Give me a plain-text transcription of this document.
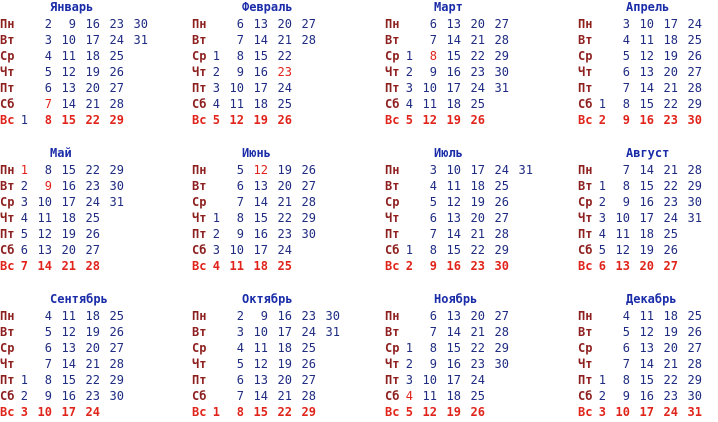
Январь
Пн	2	9 16 23 30
Вт	3 10 17 24 31
Ср	4 11 18 25
Чт	5 12 19 26
Пт	6 13 20 27
Сб	7 14 21 28
Вс 1	8 15 22 29
Февраль
Пн	6 13 20 27
Вт	7 14 21 28
Ср 1	8 15 22
Чт 2	9 16 23
Пт 3 10 17 24
Сб 4 11 18 25
Вс 5 12 19 26
Март
Пн	6 13 20 27
Вт	7 14 21 28
Ср 1	8 15 22 29
Чт 2	9 16 23 30
Пт 3 10 17 24 31
Сб 4 11 18 25
Вс 5 12 19 26
Апрель
Пн	3 10 17 24
Вт	4 11 18 25
Ср	5 12 19 26
Чт	6 13 20 27
Пт	7 14 21 28
Сб 1	8 15 22 29
Вс 2	9 16 23 30
Май
Пн 1	8 15 22 29
Вт 2	9 16 23 30
Ср 3 10 17 24 31
Чт 4 11 18 25
Пт 5 12 19 26
Сб 6 13 20 27
Вс 7 14 21 28
Июнь
Пн	5 12 19 26
Вт	6 13 20 27
Ср	7 14 21 28
Чт 1	8 15 22 29
Пт 2	9 16 23 30
Сб 3 10 17 24
Вс 4 11 18 25
Июль
Пн	3 10 17 24 31
Вт	4 11 18 25
Ср	5 12 19 26
Чт	6 13 20 27
Пт	7 14 21 28
Сб 1	8 15 22 29
Вс 2	9 16 23 30
Август
Пн	7 14 21 28
Вт 1	8 15 22 29
Ср 2	9 16 23 30
Чт 3 10 17 24 31
Пт 4 11 18 25
Сб 5 12 19 26
Вс 6 13 20 27
Сентябрь
Пн	4 11 18 25
Вт	5 12 19 26
Ср	6 13 20 27
Чт	7 14 21 28
Пт 1	8 15 22 29
Сб 2	9 16 23 30
Вс 3 10 17 24
Октябрь
Пн	2	9 16 23 30
Вт	3 10 17 24 31
Ср	4 11 18 25
Чт	5 12 19 26
Пт	6 13 20 27
Сб	7 14 21 28
Вс 1	8 15 22 29
Ноябрь
Пн	6 13 20 27
Вт	7 14 21 28
Ср 1	8 15 22 29
Чт 2	9 16 23 30
Пт 3 10 17 24
Сб 4 11 18 25
Вс 5 12 19 26
Декабрь
Пн	4 11 18 25
Вт	5 12 19 26
Ср	6 13 20 27
Чт	7 14 21 28
Пт 1	8 15 22 29
Сб 2	9 16 23 30
Вс 3 10 17 24 31
